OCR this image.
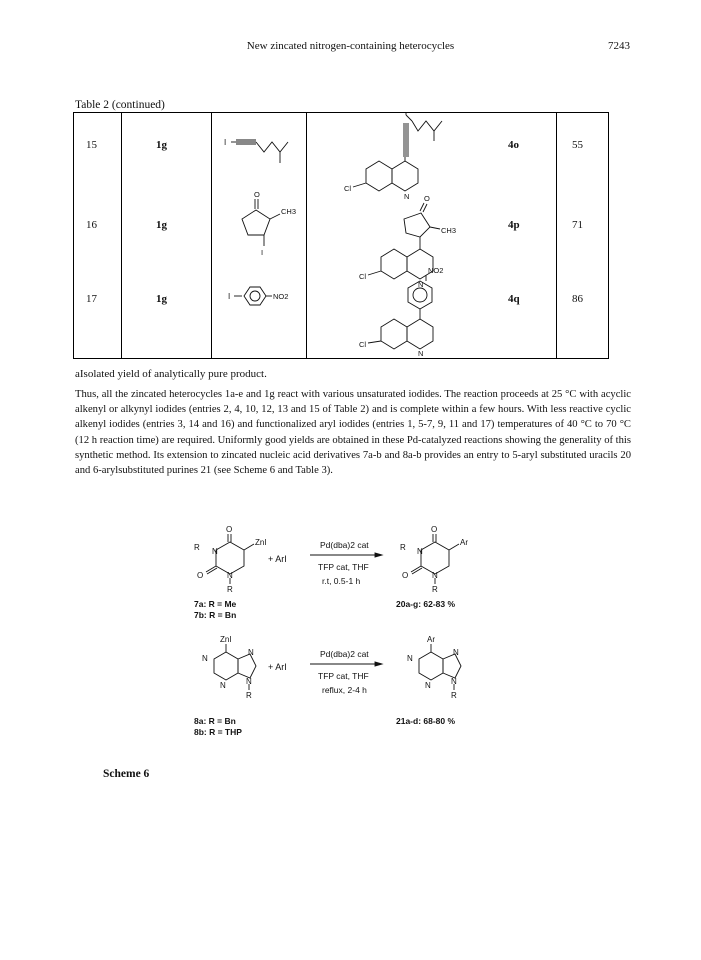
New zincated nitrogen-containing heterocycles	7243
Table 2 (continued)
15	1g	4o	55
16	1g	4p	71
17	1g	4q	86
I
Cl
N
O
CH3
I
O
CH3
Cl
N
I	NO2
NO2
Cl
N
aIsolated yield of analytically pure product.

Thus, all the zincated heterocycles 1a-e and 1g react with various unsaturated iodides. The reaction proceeds at 25 °C with acyclic alkenyl or alkynyl iodides (entries 2, 4, 10, 12, 13 and 15 of Table 2) and is complete within a few hours. With less reactive cyclic alkenyl iodides (entries 3, 14 and 16) and functionalized aryl iodides (entries 1, 5-7, 9, 11 and 17) temperatures of 40 °C to 70 °C (12 h reaction time) are required. Uniformly good yields are obtained in these Pd-catalyzed reactions showing the generality of this synthetic method. Its extension to zincated nucleic acid derivatives 7a-b and 8a-b provides an entry to 5-aryl substituted uracils 20 and 6-arylsubstituted purines 21 (see Scheme 6 and Table 3).

O
R N
ZnI
O	N
R
+ ArI
Pd(dba)2 cat
TFP cat, THF
r.t, 0.5-1 h
O
R N
Ar
O	N
R
7a: R = Me
7b: R = Bn
20a-g: 62-83 %
ZnI
N
N
N	N
R
+ ArI
Pd(dba)2 cat
TFP cat, THF
reflux, 2-4 h
Ar
N
N
N	N
R
8a: R = Bn
8b: R = THP
21a-d: 68-80 %
Scheme 6
